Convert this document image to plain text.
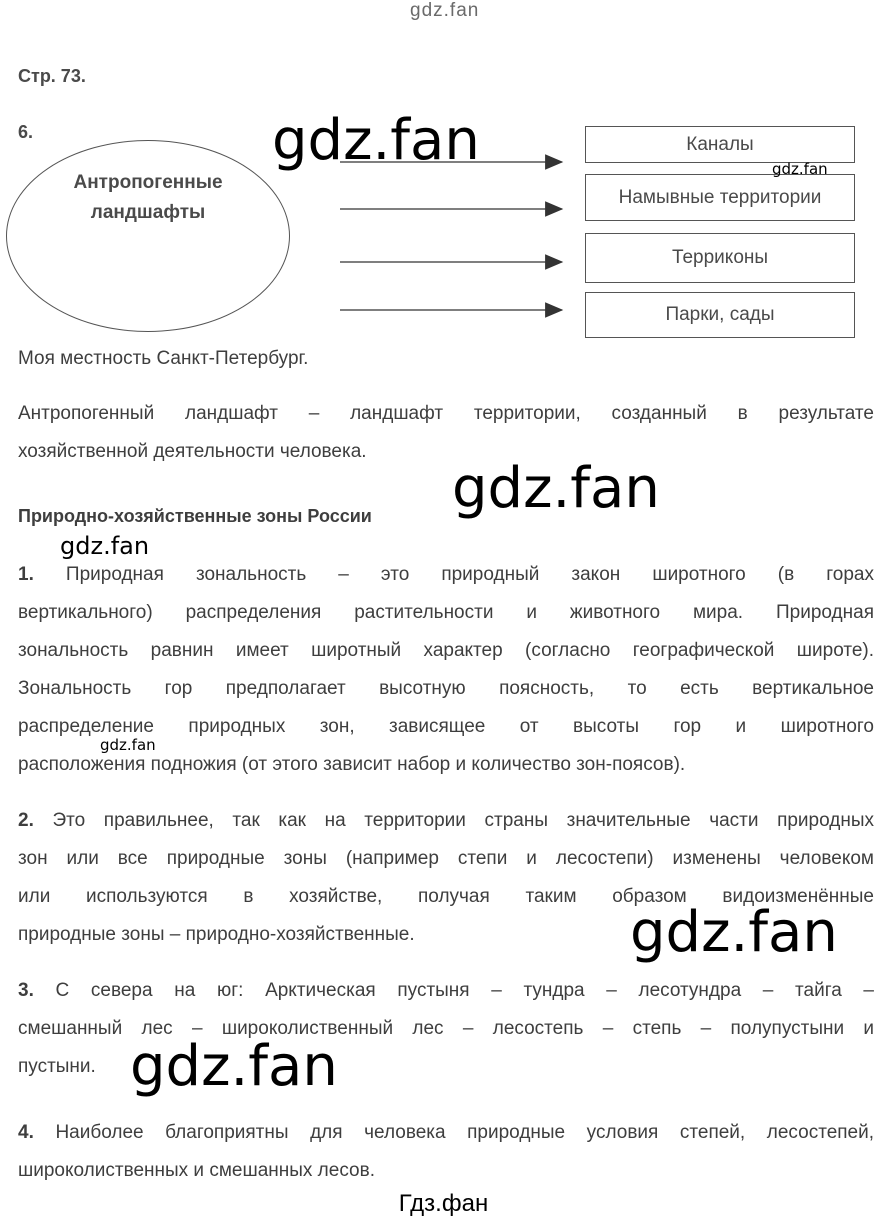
gdz.fan
Стр. 73.
6.
Антропогенные ландшафты
Каналы
Намывные территории
Терриконы
Парки, сады
Моя местность Санкт-Петербург.
Антропогенный ландшафт – ландшафт территории, созданный в результате
хозяйственной деятельности человека.
Природно-хозяйственные зоны России
1. Природная зональность – это природный закон широтного (в горах
вертикального) распределения растительности и животного мира. Природная
зональность равнин имеет широтный характер (согласно географической широте).
Зональность гор предполагает высотную поясность, то есть вертикальное
распределение природных зон, зависящее от высоты гор и широтного
расположения подножия (от этого зависит набор и количество зон-поясов).
2. Это правильнее, так как на территории страны значительные части природных
зон или все природные зоны (например степи и лесостепи) изменены человеком
или используются в хозяйстве, получая таким образом видоизменённые
природные зоны – природно-хозяйственные.
3. С севера на юг: Арктическая пустыня – тундра – лесотундра – тайга –
смешанный лес – широколиственный лес – лесостепь – степь – полупустыни и
пустыни.
4. Наиболее благоприятны для человека природные условия степей, лесостепей,
широколиственных и смешанных лесов.
gdz.fan	gdz.fan
gdz.fan
gdz.fan
gdz.fan
gdz.fan
gdz.fan
Гдз.фан
